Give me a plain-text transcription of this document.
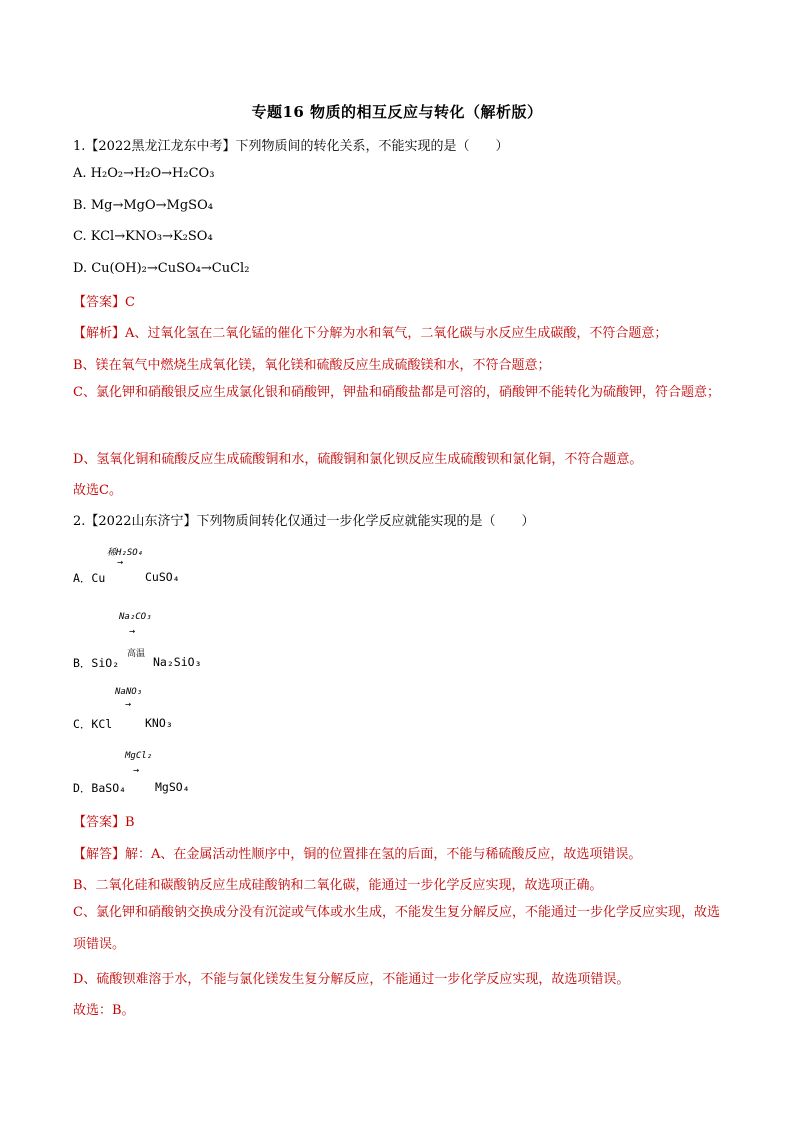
专题16 物质的相互反应与转化（解析版）
1.【2022黑龙江龙东中考】下列物质间的转化关系，不能实现的是（　　）
A. H₂O₂→H₂O→H₂CO₃
B. Mg→MgO→MgSO₄
C. KCl→KNO₃→K₂SO₄
D. Cu(OH)₂→CuSO₄→CuCl₂
【答案】C
【解析】A、过氧化氢在二氧化锰的催化下分解为水和氧气，二氧化碳与水反应生成碳酸，不符合题意；
B、镁在氧气中燃烧生成氧化镁，氧化镁和硫酸反应生成硫酸镁和水，不符合题意；
C、氯化钾和硝酸银反应生成氯化银和硝酸钾，钾盐和硝酸盐都是可溶的，硝酸钾不能转化为硫酸钾，符合题意；
D、氢氧化铜和硫酸反应生成硫酸铜和水，硫酸铜和氯化钡反应生成硫酸钡和氯化铜，不符合题意。
故选C。
2.【2022山东济宁】下列物质间转化仅通过一步化学反应就能实现的是（　　）
稀H₂SO₄
→
A．Cu	CuSO₄
Na₂CO₃
→
高温
B．SiO₂	Na₂SiO₃
NaNO₃
→
C．KCl	KNO₃
MgCl₂
→
D．BaSO₄	MgSO₄
【答案】B
【解答】解：A、在金属活动性顺序中，铜的位置排在氢的后面，不能与稀硫酸反应，故选项错误。
B、二氧化硅和碳酸钠反应生成硅酸钠和二氧化碳，能通过一步化学反应实现，故选项正确。
C、氯化钾和硝酸钠交换成分没有沉淀或气体或水生成，不能发生复分解反应，不能通过一步化学反应实现，故选项错误。
D、硫酸钡难溶于水，不能与氯化镁发生复分解反应，不能通过一步化学反应实现，故选项错误。
故选：B。
